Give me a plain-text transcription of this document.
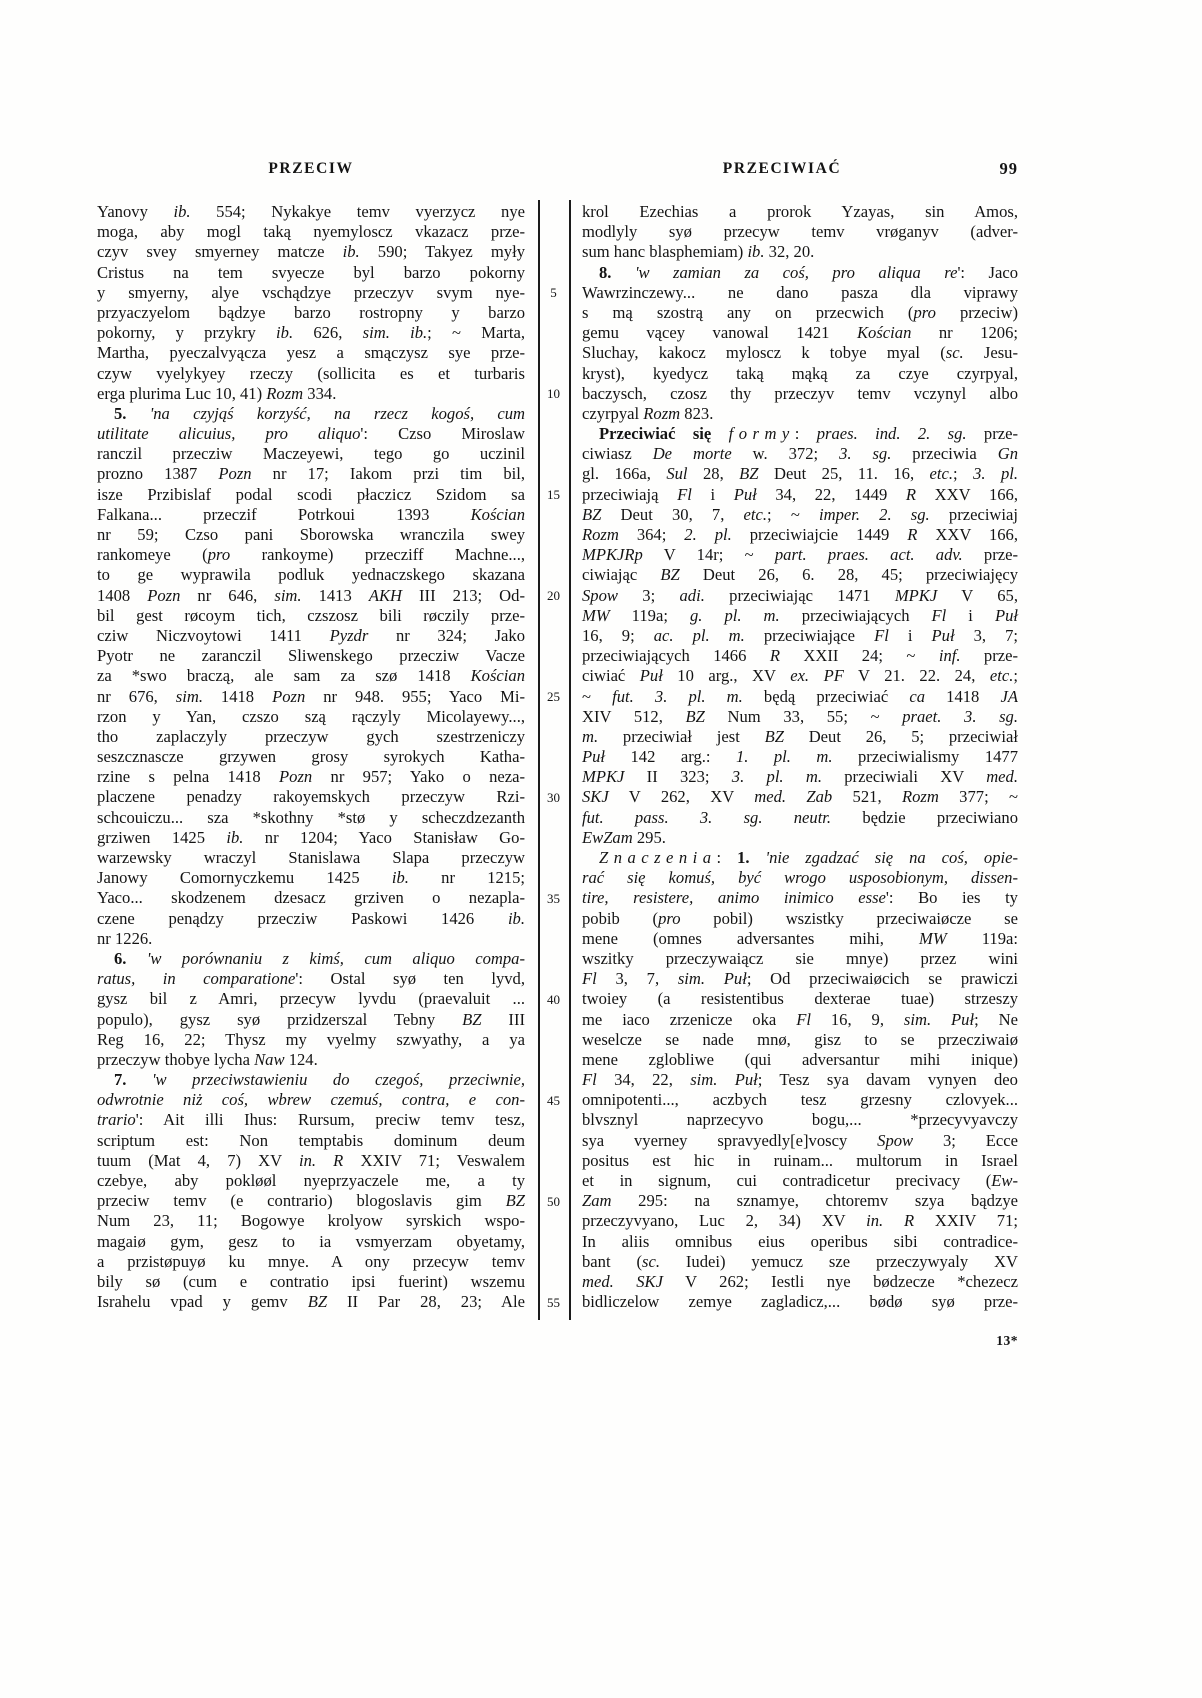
PRZECIW	PRZECIWIAĆ	99
Yanovy ib. 554; Nykakye temv vyerzycz nye
moga, aby mogl taką nyemyloscz vkazacz prze-
czyv svey smyerney matcze ib. 590; Takyez myły
Cristus na tem svyecze byl barzo pokorny
y smyerny, alye vschądzye przeczyv svym nye-
przyaczyelom bądzye barzo rostropny y barzo
pokorny, y przykry ib. 626, sim. ib.; ~ Marta,
Martha, pyeczalvyącza yesz a smączysz sye prze-
czyw vyelykyey rzeczy (sollicita es et turbaris
erga plurima Luc 10, 41) Rozm 334.
5. 'na czyjąś korzyść, na rzecz kogoś, cum
utilitate alicuius, pro aliquo': Czso Miroslaw
ranczil przecziw Maczeyewi, tego go uczinil
prozno 1387 Pozn nr 17; Iakom przi tim bil,
isze Przibislaf podal scodi płaczicz Szidom sa
Falkana... przeczif Potrkoui 1393 Kościan
nr 59; Czso pani Sborowska wranczila swey
rankomeye (pro rankoyme) przecziff Machne...,
to ge wyprawila podluk yednaczskego skazana
1408 Pozn nr 646, sim. 1413 AKH III 213; Od-
bil gest røcoym tich, czszosz bili røczily prze-
cziw Niczvoytowi 1411 Pyzdr nr 324; Jako
Pyotr ne zaranczil Sliwenskego przecziw Vacze
za *swo braczą, ale sam za szø 1418 Kościan
nr 676, sim. 1418 Pozn nr 948. 955; Yaco Mi-
rzon y Yan, czszo szą rączyly Micolayewy...,
tho zaplaczyly przeczyw gych szestrzeniczy
seszcznascze grzywen grosy syrokych Katha-
rzine s pelna 1418 Pozn nr 957; Yako o neza-
placzene penadzy rakoyemskych przeczyw Rzi-
schcouiczu... sza *skothny *stø y scheczdzezanth
grziwen 1425 ib. nr 1204; Yaco Stanisław Go-
warzewsky wraczyl Stanislawa Slapa przeczyw
Janowy Comornyczkemu 1425 ib. nr 1215;
Yaco... skodzenem dzesacz grziven o nezapla-
czene penądzy przecziw Paskowi 1426 ib.
nr 1226.
6. 'w porównaniu z kimś, cum aliquo compa-
ratus, in comparatione': Ostal syø ten lyvd,
gysz bil z Amri, przecyw lyvdu (praevaluit ...
populo), gysz syø przidzerszal Tebny BZ III
Reg 16, 22; Thysz my vyelmy szwyathy, a ya
przeczyw thobye lycha Naw 124.
7. 'w przeciwstawieniu do czegoś, przeciwnie,
odwrotnie niż coś, wbrew czemuś, contra, e con-
trario': Ait illi Ihus: Rursum, preciw temv tesz,
scriptum est: Non temptabis dominum deum
tuum (Mat 4, 7) XV in. R XXIV 71; Veswalem
czebye, aby pokløøl nyeprzyaczele me, a ty
przeciw temv (e contrario) blogoslavis gim BZ
Num 23, 11; Bogowye krolyow syrskich wspo-
magaiø gym, gesz to ia vsmyerzam obyetamy,
a przistøpuyø ku mnye. A ony przecyw temv
bily sø (cum e contratio ipsi fuerint) wszemu
Israhelu vpad y gemv BZ II Par 28, 23; Ale
5
10
15
20
25
30
35
40
45
50
55
krol Ezechias a prorok Yzayas, sin Amos,
modlyly syø przecyw temv vrøganyv (adver-
sum hanc blasphemiam) ib. 32, 20.
8. 'w zamian za coś, pro aliqua re': Jaco
Wawrzinczewy... ne dano pasza dla viprawy
s mą szostrą any on przecwich (pro przeciw)
gemu vącey vanowal 1421 Kościan nr 1206;
Sluchay, kakocz myloscz k tobye myal (sc. Jesu-
kryst), kyedycz taką mąką za czye czyrpyal,
baczysch, czosz thy przeczyv temv vczynyl albo
czyrpyal Rozm 823.
Przeciwiać się formy: praes. ind. 2. sg. prze-
ciwiasz De morte w. 372; 3. sg. przeciwia Gn
gl. 166a, Sul 28, BZ Deut 25, 11. 16, etc.; 3. pl.
przeciwiają Fl i Puł 34, 22, 1449 R XXV 166,
BZ Deut 30, 7, etc.; ~ imper. 2. sg. przeciwiaj
Rozm 364; 2. pl. przeciwiajcie 1449 R XXV 166,
MPKJRp V 14r; ~ part. praes. act. adv. prze-
ciwiając BZ Deut 26, 6. 28, 45; przeciwiajęcy
Spow 3; adi. przeciwiając 1471 MPKJ V 65,
MW 119a; g. pl. m. przeciwiających Fl i Puł
16, 9; ac. pl. m. przeciwiające Fl i Puł 3, 7;
przeciwiających 1466 R XXII 24; ~ inf. prze-
ciwiać Puł 10 arg., XV ex. PF V 21. 22. 24, etc.;
~ fut. 3. pl. m. będą przeciwiać ca 1418 JA
XIV 512, BZ Num 33, 55; ~ praet. 3. sg.
m. przeciwiał jest BZ Deut 26, 5; przeciwiał
Puł 142 arg.: 1. pl. m. przeciwialismy 1477
MPKJ II 323; 3. pl. m. przeciwiali XV med.
SKJ V 262, XV med. Zab 521, Rozm 377; ~
fut. pass. 3. sg. neutr. będzie przeciwiano
EwZam 295.
Znaczenia: 1. 'nie zgadzać się na coś, opie-
rać się komuś, być wrogo usposobionym, dissen-
tire, resistere, animo inimico esse': Bo ies ty
pobib (pro pobil) wszistky przeciwaiøcze se
mene (omnes adversantes mihi, MW 119a:
wszitky przeczywaiącz sie mnye) przez wini
Fl 3, 7, sim. Puł; Od przeciwaiøcich se prawiczi
twoiey (a resistentibus dexterae tuae) strzeszy
me iaco zrzenicze oka Fl 16, 9, sim. Puł; Ne
weselcze se nade mnø, gisz to se przecziwaiø
mene zglobliwe (qui adversantur mihi inique)
Fl 34, 22, sim. Puł; Tesz sya davam vynyen deo
omnipotenti..., aczbych tesz grzesny czlovyek...
blvsznyl naprzecyvo bogu,... *przecyvyavczy
sya vyerney spravyedly[e]voscy Spow 3; Ecce
positus est hic in ruinam... multorum in Israel
et in signum, cui contradicetur precivacy (Ew-
Zam 295: na sznamye, chtoremv szya bądzye
przeczyvyano, Luc 2, 34) XV in. R XXIV 71;
In aliis omnibus eius operibus sibi contradice-
bant (sc. Iudei) yemucz sze przeczywyaly XV
med. SKJ V 262; Iestli nye bødzecze *chezecz
bidliczelow zemye zagladicz,... bødø syø prze-
13*
